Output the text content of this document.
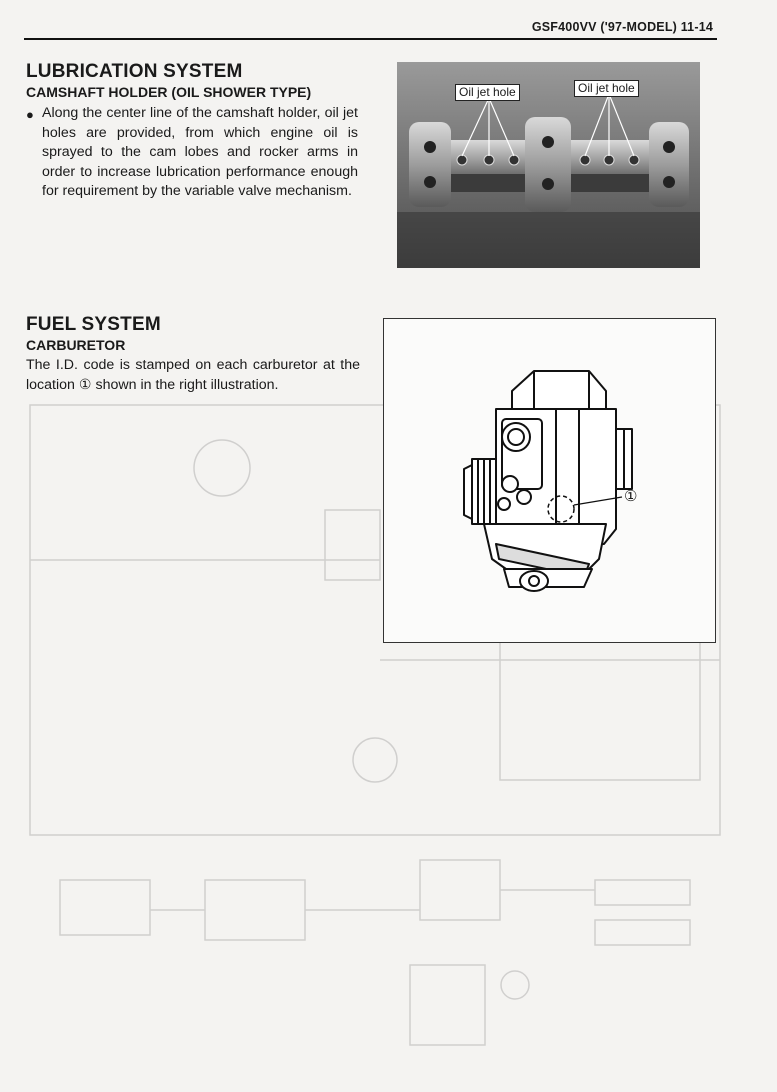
GSF400VV ('97-MODEL) 11-14
LUBRICATION SYSTEM
CAMSHAFT HOLDER (OIL SHOWER TYPE)
● Along the center line of the camshaft holder, oil jet holes are provided, from which engine oil is sprayed to the cam lobes and rocker arms in order to increase lubrication performance enough for requirement by the variable valve mechanism.
Oil jet hole	Oil jet hole
FUEL SYSTEM
CARBURETOR
The I.D. code is stamped on each carburetor at the location ① shown in the right illustration.
①
